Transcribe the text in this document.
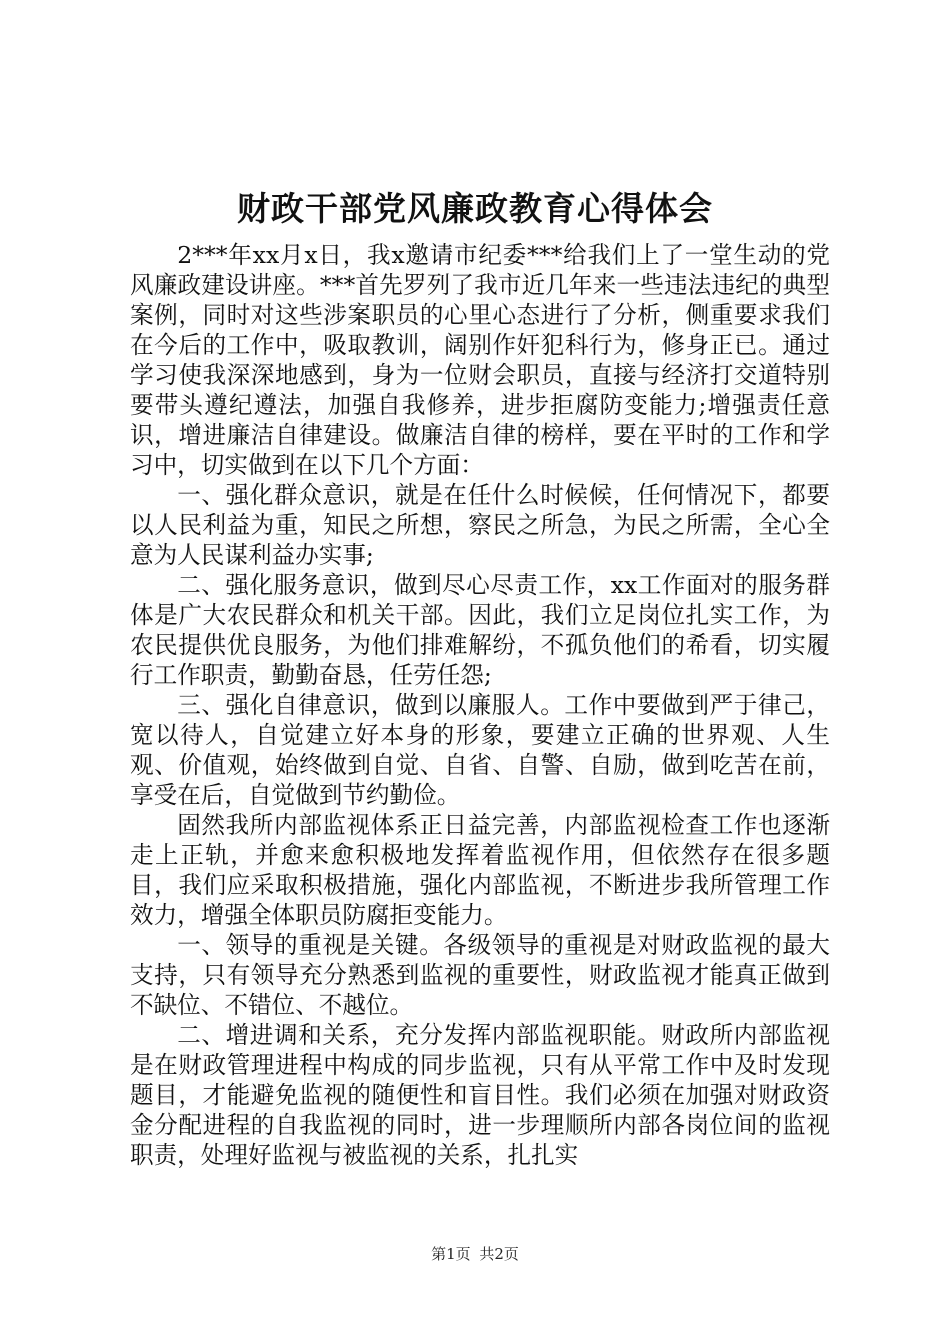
财政干部党风廉政教育心得体会

2***年xx月x日，我x邀请市纪委***给我们上了一堂生动的党风廉政建设讲座。***首先罗列了我市近几年来一些违法违纪的典型案例，同时对这些涉案职员的心里心态进行了分析，侧重要求我们在今后的工作中，吸取教训，阔别作奸犯科行为，修身正已。通过学习使我深深地感到，身为一位财会职员，直接与经济打交道特别要带头遵纪遵法，加强自我修养，进步拒腐防变能力;增强责任意识，增进廉洁自律建设。做廉洁自律的榜样，要在平时的工作和学习中，切实做到在以下几个方面：

一、强化群众意识，就是在任什么时候候，任何情况下，都要以人民利益为重，知民之所想，察民之所急，为民之所需，全心全意为人民谋利益办实事;

二、强化服务意识，做到尽心尽责工作，xx工作面对的服务群体是广大农民群众和机关干部。因此，我们立足岗位扎实工作，为农民提供优良服务，为他们排难解纷，不孤负他们的希看，切实履行工作职责，勤勤奋恳，任劳任怨;

三、强化自律意识，做到以廉服人。工作中要做到严于律己，宽以待人，自觉建立好本身的形象，要建立正确的世界观、人生观、价值观，始终做到自觉、自省、自警、自励，做到吃苦在前，享受在后，自觉做到节约勤俭。

固然我所内部监视体系正日益完善，内部监视检查工作也逐渐走上正轨，并愈来愈积极地发挥着监视作用，但依然存在很多题目，我们应采取积极措施，强化内部监视，不断进步我所管理工作效力，增强全体职员防腐拒变能力。

一、领导的重视是关键。各级领导的重视是对财政监视的最大支持，只有领导充分熟悉到监视的重要性，财政监视才能真正做到不缺位、不错位、不越位。

二、增进调和关系，充分发挥内部监视职能。财政所内部监视是在财政管理进程中构成的同步监视，只有从平常工作中及时发现题目，才能避免监视的随便性和盲目性。我们必须在加强对财政资金分配进程的自我监视的同时，进一步理顺所内部各岗位间的监视职责，处理好监视与被监视的关系，扎扎实

第1页 共2页
